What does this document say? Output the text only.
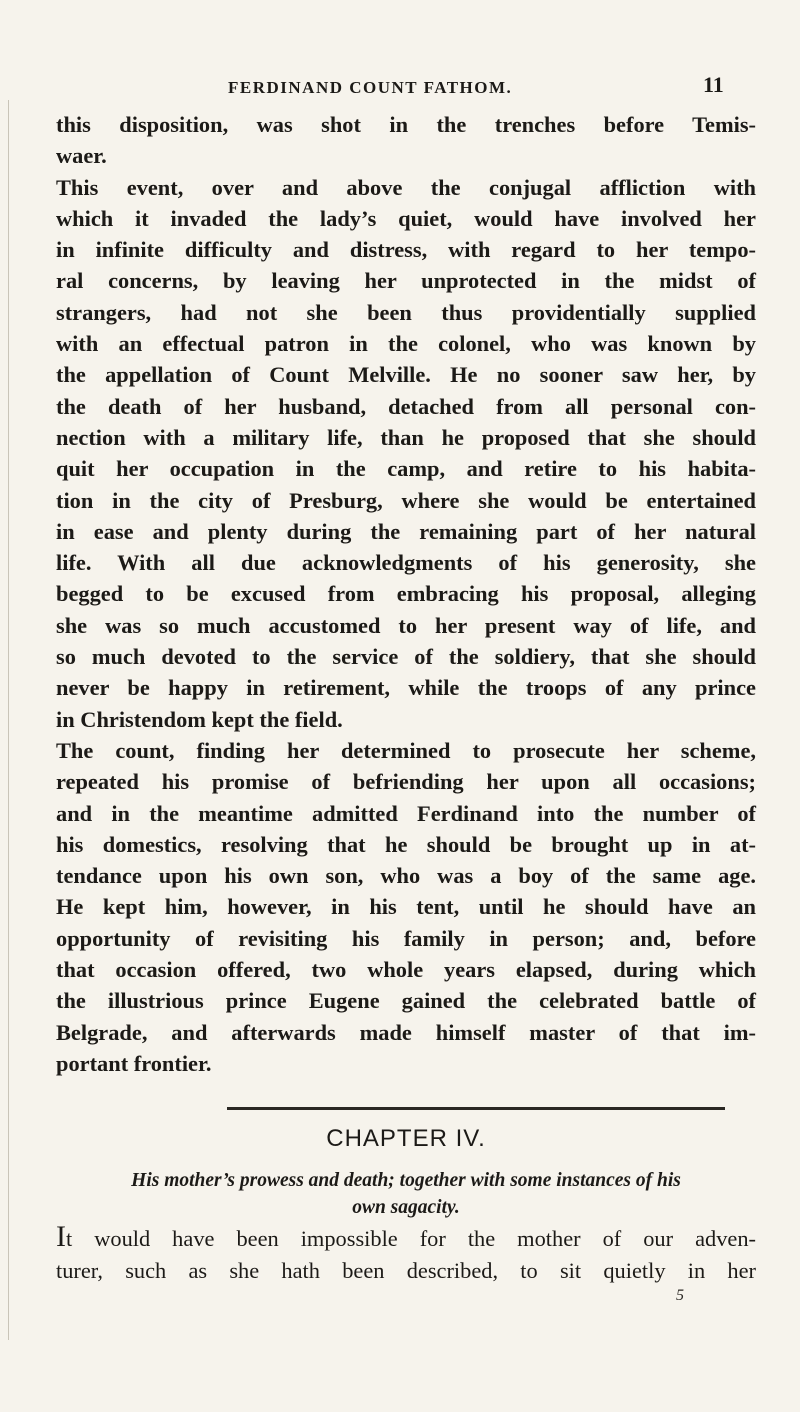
FERDINAND COUNT FATHOM.	11
this disposition, was shot in the trenches before Temis-
waer.
This event, over and above the conjugal affliction with
which it invaded the lady’s quiet, would have involved her
in infinite difficulty and distress, with regard to her tempo-
ral concerns, by leaving her unprotected in the midst of
strangers, had not she been thus providentially supplied
with an effectual patron in the colonel, who was known by
the appellation of Count Melville. He no sooner saw her, by
the death of her husband, detached from all personal con-
nection with a military life, than he proposed that she should
quit her occupation in the camp, and retire to his habita-
tion in the city of Presburg, where she would be entertained
in ease and plenty during the remaining part of her natural
life. With all due acknowledgments of his generosity, she
begged to be excused from embracing his proposal, alleging
she was so much accustomed to her present way of life, and
so much devoted to the service of the soldiery, that she should
never be happy in retirement, while the troops of any prince
in Christendom kept the field.
The count, finding her determined to prosecute her scheme,
repeated his promise of befriending her upon all occasions;
and in the meantime admitted Ferdinand into the number of
his domestics, resolving that he should be brought up in at-
tendance upon his own son, who was a boy of the same age.
He kept him, however, in his tent, until he should have an
opportunity of revisiting his family in person; and, before
that occasion offered, two whole years elapsed, during which
the illustrious prince Eugene gained the celebrated battle of
Belgrade, and afterwards made himself master of that im-
portant frontier.
CHAPTER IV.
His mother’s prowess and death; together with some instances of his
own sagacity.
It would have been impossible for the mother of our adven-
turer, such as she hath been described, to sit quietly in her
5
